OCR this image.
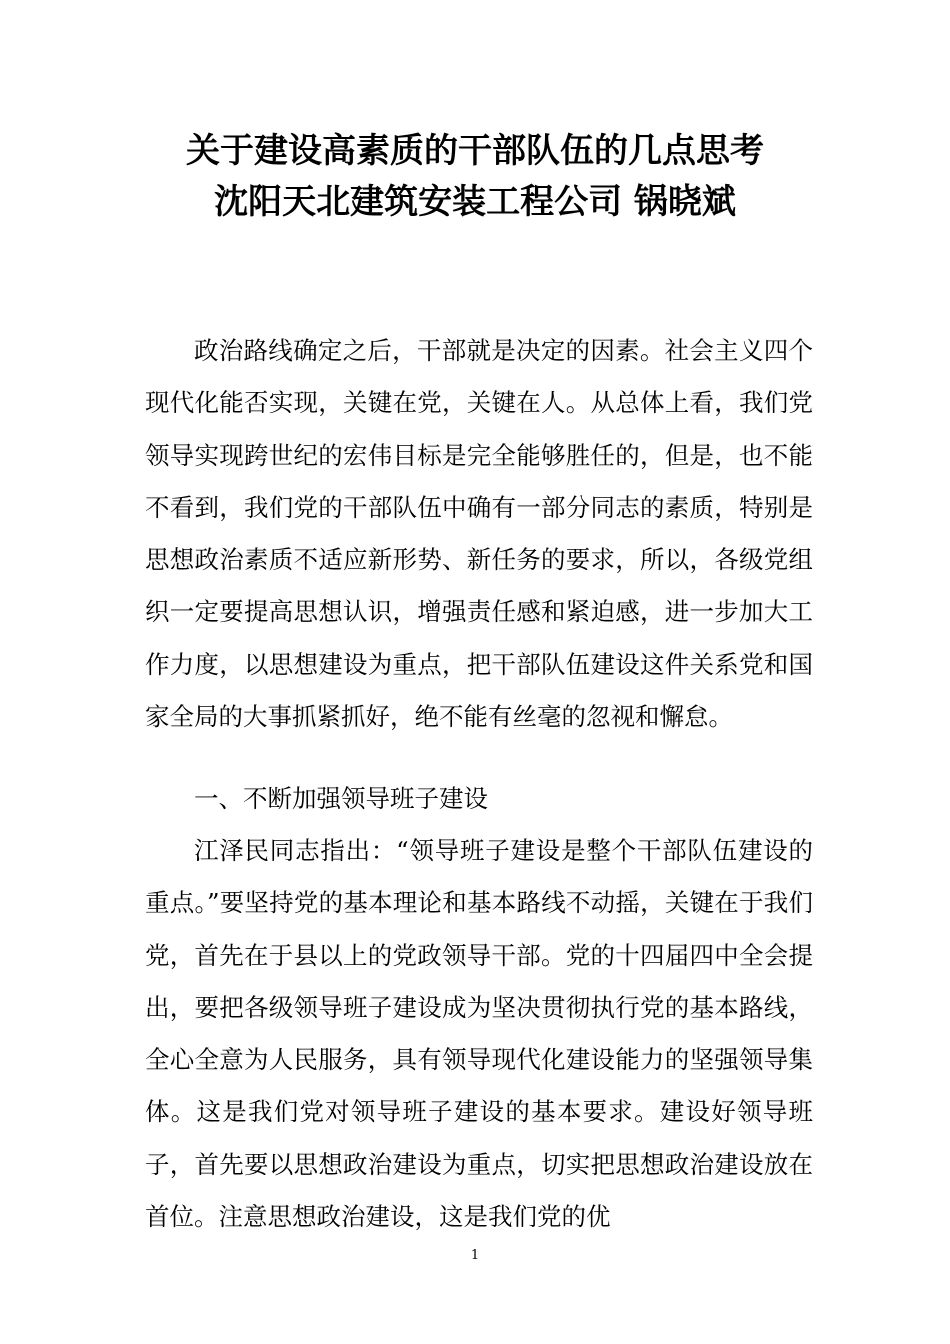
关于建设高素质的干部队伍的几点思考
沈阳天北建筑安装工程公司 锅晓斌

政治路线确定之后，干部就是决定的因素。社会主义四个现代化能否实现，关键在党，关键在人。从总体上看，我们党领导实现跨世纪的宏伟目标是完全能够胜任的，但是，也不能不看到，我们党的干部队伍中确有一部分同志的素质，特别是思想政治素质不适应新形势、新任务的要求，所以，各级党组织一定要提高思想认识，增强责任感和紧迫感，进一步加大工作力度，以思想建设为重点，把干部队伍建设这件关系党和国家全局的大事抓紧抓好，绝不能有丝毫的忽视和懈怠。

一、不断加强领导班子建设

江泽民同志指出：“领导班子建设是整个干部队伍建设的重点。”要坚持党的基本理论和基本路线不动摇，关键在于我们党，首先在于县以上的党政领导干部。党的十四届四中全会提出，要把各级领导班子建设成为坚决贯彻执行党的基本路线，全心全意为人民服务，具有领导现代化建设能力的坚强领导集体。这是我们党对领导班子建设的基本要求。建设好领导班子，首先要以思想政治建设为重点，切实把思想政治建设放在首位。注意思想政治建设，这是我们党的优

1
